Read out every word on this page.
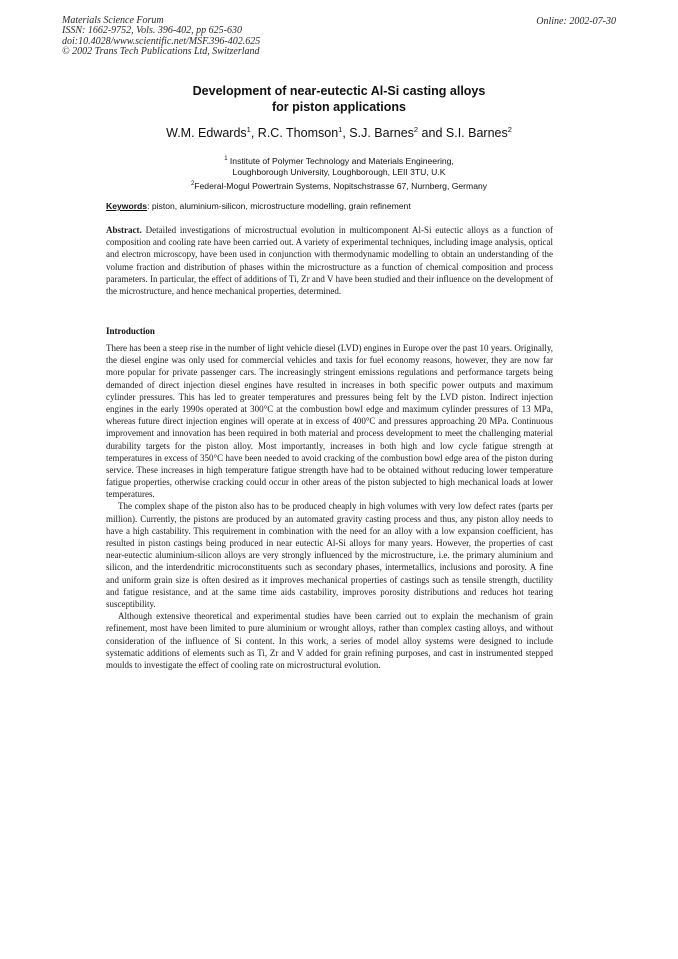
Materials Science Forum
ISSN: 1662-9752, Vols. 396-402, pp 625-630
doi:10.4028/www.scientific.net/MSF.396-402.625
© 2002 Trans Tech Publications Ltd, Switzerland
Online: 2002-07-30
Development of near-eutectic Al-Si casting alloys
for piston applications
W.M. Edwards$^1$, R.C. Thomson$^1$, S.J. Barnes$^2$ and S.I. Barnes$^2$
$^1$ Institute of Polymer Technology and Materials Engineering,
Loughborough University, Loughborough, LEII 3TU, U.K
$^2$Federal-Mogul Powertrain Systems, Nopitschstrasse 67, Nurnberg, Germany
Keywords: piston, aluminium-silicon, microstructure modelling, grain refinement

Abstract. Detailed investigations of microstructual evolution in multicomponent Al-Si eutectic alloys as a function of composition and cooling rate have been carried out. A variety of experimental techniques, including image analysis, optical and electron microscopy, have been used in conjunction with thermodynamic modelling to obtain an understanding of the volume fraction and distribution of phases within the microstructure as a function of chemical composition and process parameters. In particular, the effect of additions of Ti, Zr and V have been studied and their influence on the development of the microstructure, and hence mechanical properties, determined.

Introduction

There has been a steep rise in the number of light vehicle diesel (LVD) engines in Europe over the past 10 years. Originally, the diesel engine was only used for commercial vehicles and taxis for fuel economy reasons, however, they are now far more popular for private passenger cars. The increasingly stringent emissions regulations and performance targets being demanded of direct injection diesel engines have resulted in increases in both specific power outputs and maximum cylinder pressures. This has led to greater temperatures and pressures being felt by the LVD piston. Indirect injection engines in the early 1990s operated at 300°C at the combustion bowl edge and maximum cylinder pressures of 13 MPa, whereas future direct injection engines will operate at in excess of 400°C and pressures approaching 20 MPa. Continuous improvement and innovation has been required in both material and process development to meet the challenging material durability targets for the piston alloy. Most importantly, increases in both high and low cycle fatigue strength at temperatures in excess of 350°C have been needed to avoid cracking of the combustion bowl edge area of the piston during service. These increases in high temperature fatigue strength have had to be obtained without reducing lower temperature fatigue properties, otherwise cracking could occur in other areas of the piston subjected to high mechanical loads at lower temperatures.

The complex shape of the piston also has to be produced cheaply in high volumes with very low defect rates (parts per million). Currently, the pistons are produced by an automated gravity casting process and thus, any piston alloy needs to have a high castability. This requirement in combination with the need for an alloy with a low expansion coefficient, has resulted in piston castings being produced in near eutectic Al-Si alloys for many years. However, the properties of cast near-eutectic aluminium-silicon alloys are very strongly influenced by the microstructure, i.e. the primary aluminium and silicon, and the interdendritic microconstituents such as secondary phases, intermetallics, inclusions and porosity. A fine and uniform grain size is often desired as it improves mechanical properties of castings such as tensile strength, ductility and fatigue resistance, and at the same time aids castability, improves porosity distributions and reduces hot tearing susceptibility.

Although extensive theoretical and experimental studies have been carried out to explain the mechanism of grain refinement, most have been limited to pure aluminium or wrought alloys, rather than complex casting alloys, and without consideration of the influence of Si content. In this work, a series of model alloy systems were designed to include systematic additions of elements such as Ti, Zr and V added for grain refining purposes, and cast in instrumented stepped moulds to investigate the effect of cooling rate on microstructural evolution.
